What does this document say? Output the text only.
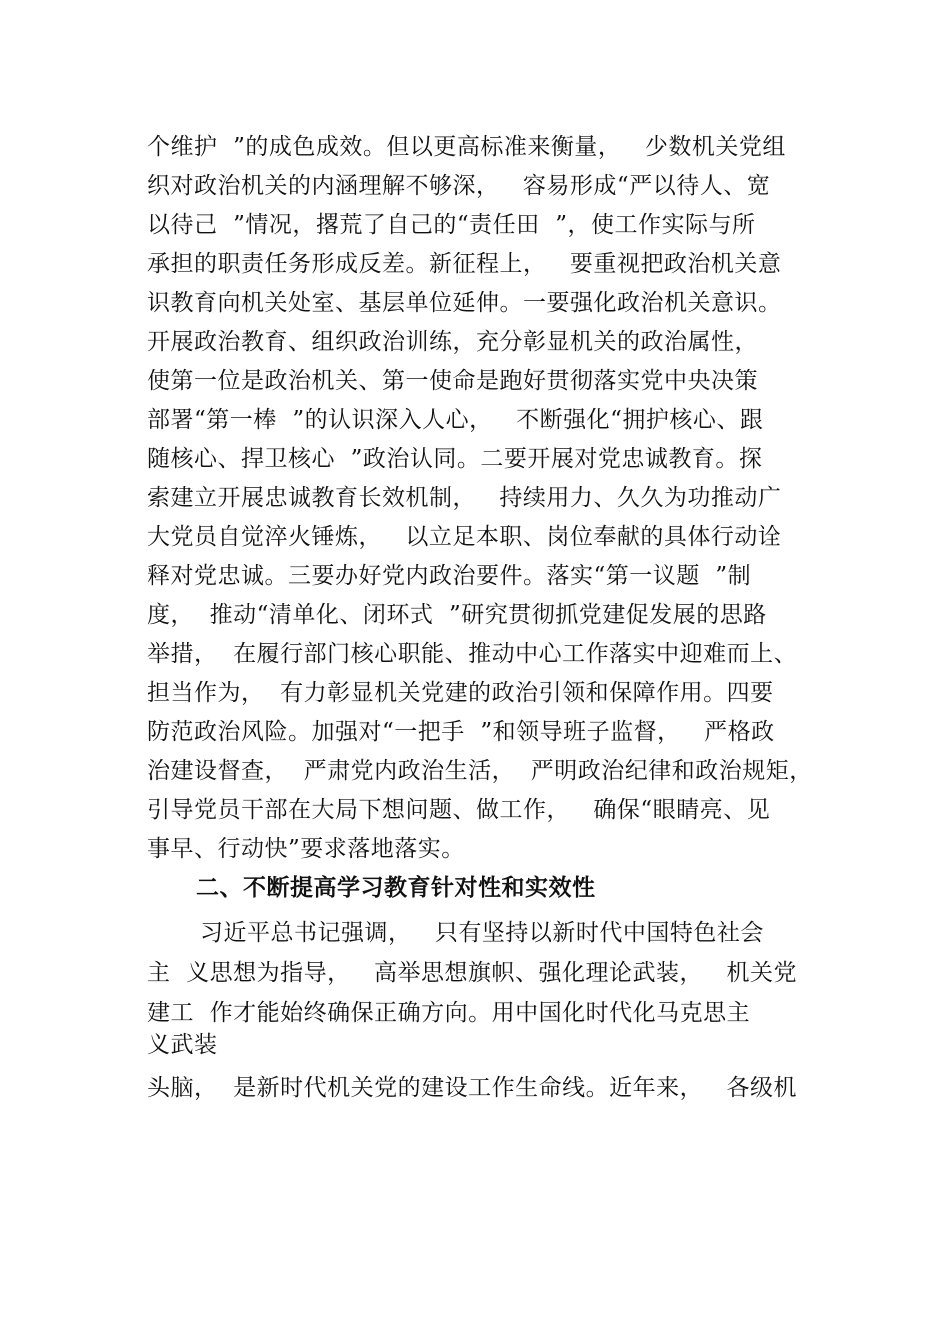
个维护  ”的成色成效。但以更高标准来衡量，   少数机关党组
织对政治机关的内涵理解不够深，   容易形成“严以待人、宽
以待己  ”情况，撂荒了自己的“责任田  ”，使工作实际与所
承担的职责任务形成反差。新征程上，   要重视把政治机关意
识教育向机关处室、基层单位延伸。一要强化政治机关意识。
开展政治教育、组织政治训练，充分彰显机关的政治属性，
使第一位是政治机关、第一使命是跑好贯彻落实党中央决策
部署“第一棒  ”的认识深入人心，   不断强化“拥护核心、跟
随核心、捍卫核心  ”政治认同。二要开展对党忠诚教育。探
索建立开展忠诚教育长效机制，   持续用力、久久为功推动广
大党员自觉淬火锤炼，   以立足本职、岗位奉献的具体行动诠
释对党忠诚。三要办好党内政治要件。落实“第一议题  ”制
度，  推动“清单化、闭环式  ”研究贯彻抓党建促发展的思路
举措，  在履行部门核心职能、推动中心工作落实中迎难而上、
担当作为，  有力彰显机关党建的政治引领和保障作用。四要
防范政治风险。加强对“一把手  ”和领导班子监督，   严格政
治建设督查，  严肃党内政治生活，  严明政治纪律和政治规矩，
引导党员干部在大局下想问题、做工作，   确保“眼睛亮、见
事早、行动快”要求落地落实。
二、不断提高学习教育针对性和实效性
习近平总书记强调，   只有坚持以新时代中国特色社会
主  义思想为指导，   高举思想旗帜、强化理论武装，   机关党
建工  作才能始终确保正确方向。用中国化时代化马克思主
义武装
头脑，  是新时代机关党的建设工作生命线。近年来，   各级机
